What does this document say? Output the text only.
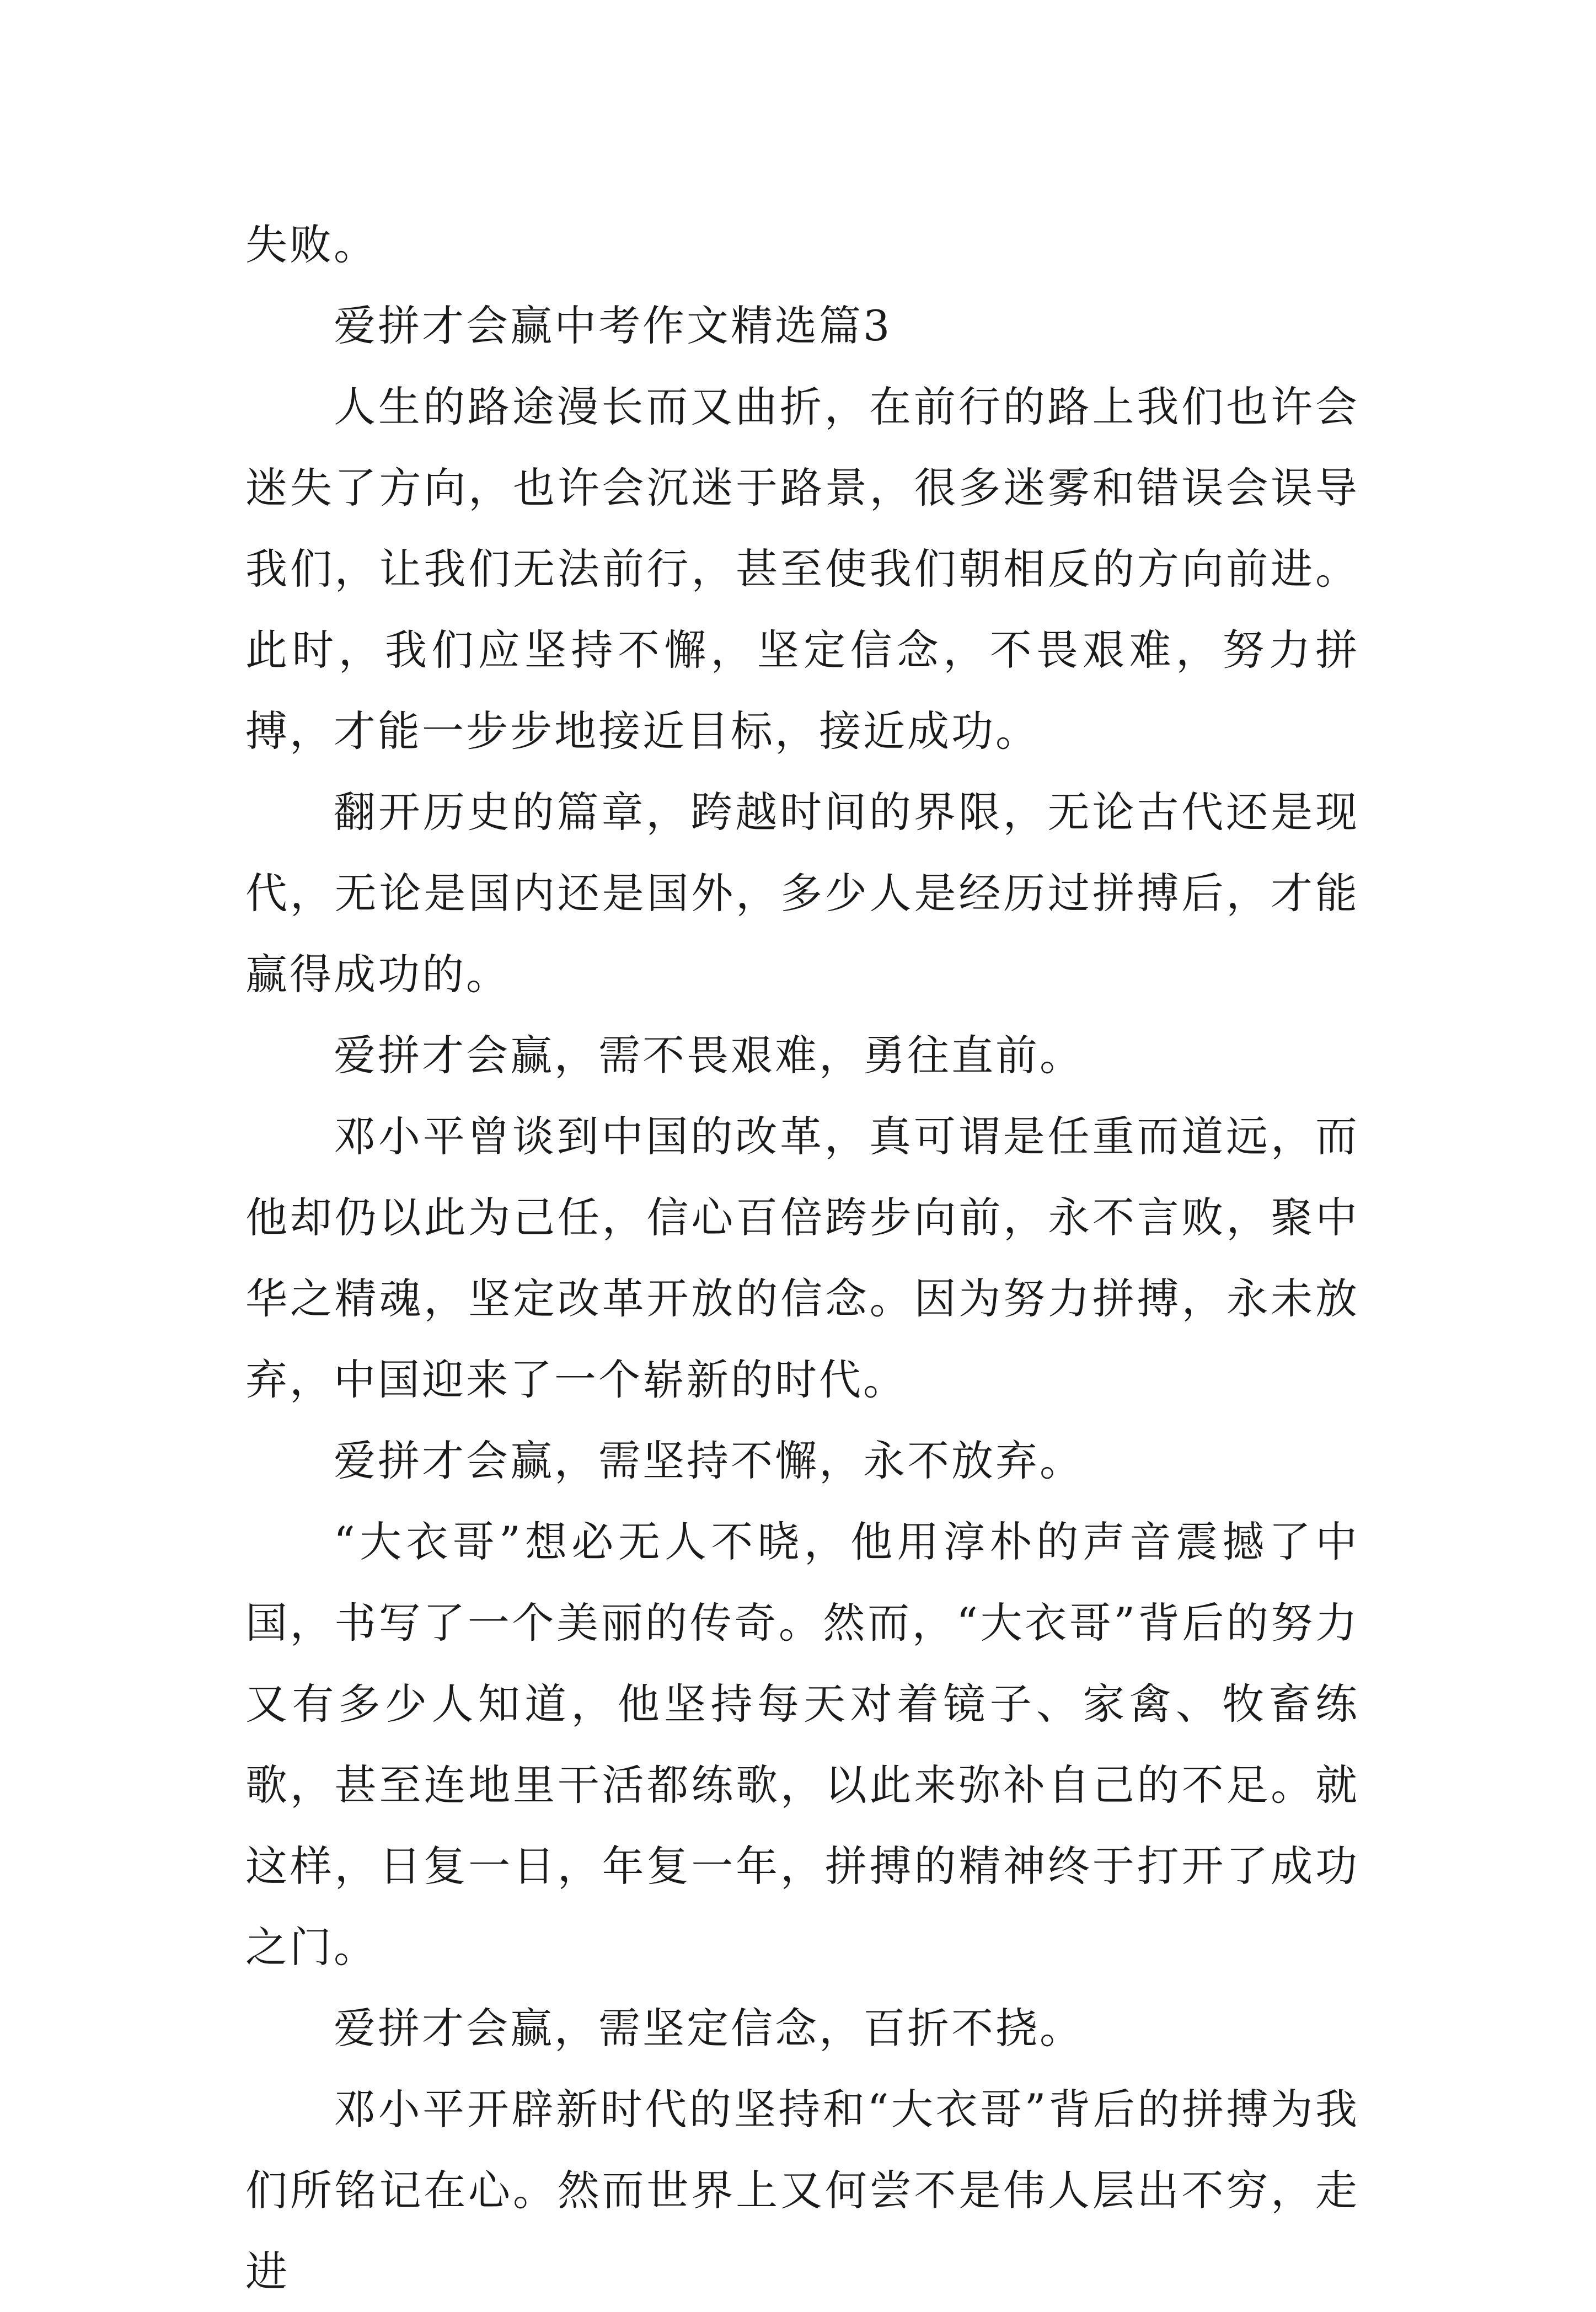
失败。

爱拼才会赢中考作文精选篇3

人生的路途漫长而又曲折，在前行的路上我们也许会迷失了方向，也许会沉迷于路景，很多迷雾和错误会误导我们，让我们无法前行，甚至使我们朝相反的方向前进。此时，我们应坚持不懈，坚定信念，不畏艰难，努力拼搏，才能一步步地接近目标，接近成功。

翻开历史的篇章，跨越时间的界限，无论古代还是现代，无论是国内还是国外，多少人是经历过拼搏后，才能赢得成功的。

爱拼才会赢，需不畏艰难，勇往直前。

邓小平曾谈到中国的改革，真可谓是任重而道远，而他却仍以此为己任，信心百倍跨步向前，永不言败，聚中华之精魂，坚定改革开放的信念。因为努力拼搏，永未放弃，中国迎来了一个崭新的时代。

爱拼才会赢，需坚持不懈，永不放弃。

“大衣哥”想必无人不晓，他用淳朴的声音震撼了中国，书写了一个美丽的传奇。然而，“大衣哥”背后的努力又有多少人知道，他坚持每天对着镜子、家禽、牧畜练歌，甚至连地里干活都练歌，以此来弥补自己的不足。就这样，日复一日，年复一年，拼搏的精神终于打开了成功之门。

爱拼才会赢，需坚定信念，百折不挠。

邓小平开辟新时代的坚持和“大衣哥”背后的拼搏为我们所铭记在心。然而世界上又何尝不是伟人层出不穷，走进
